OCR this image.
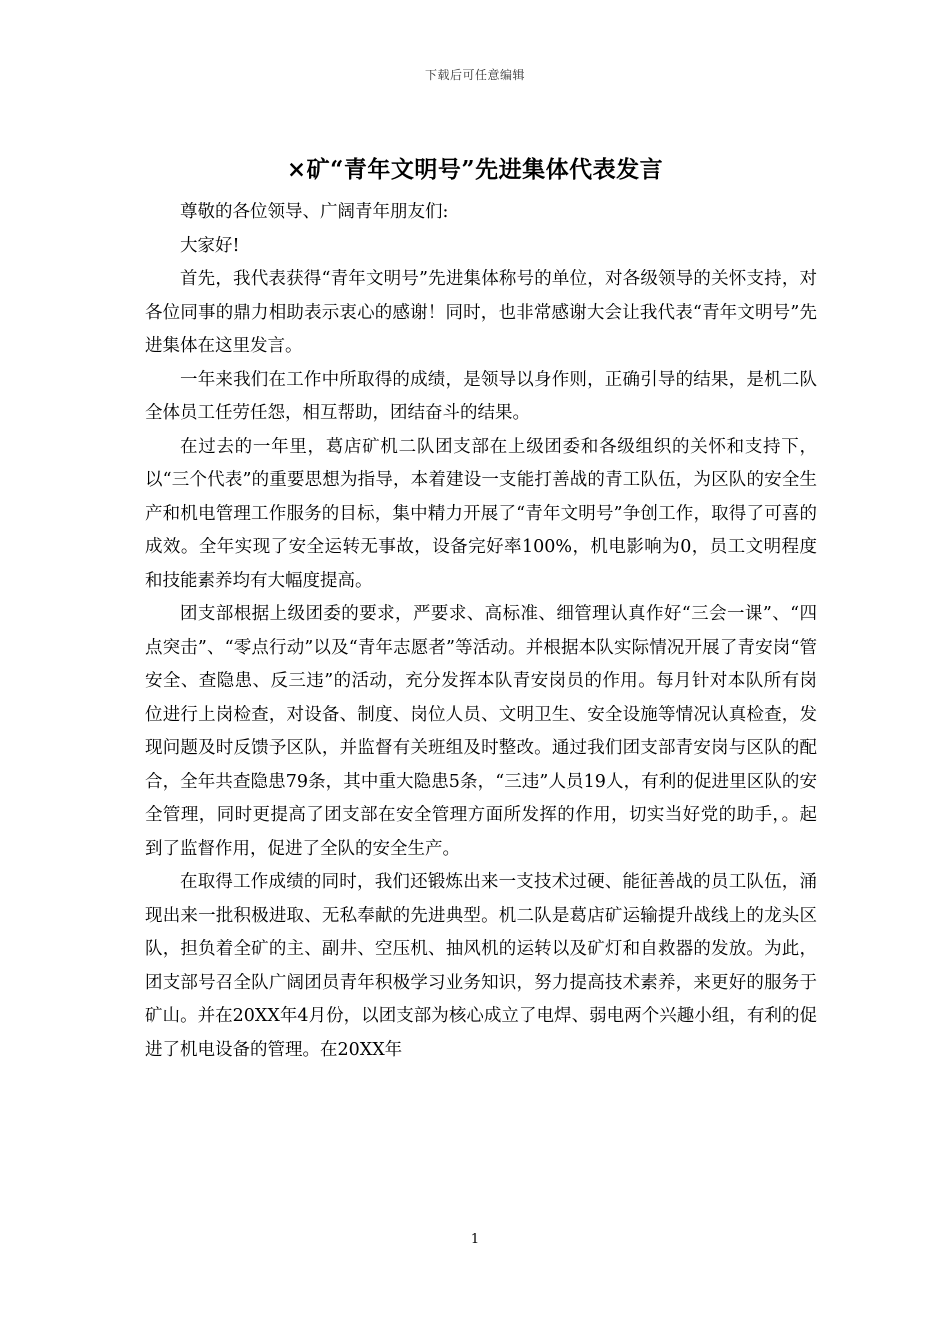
下载后可任意编辑
×矿“青年文明号”先进集体代表发言

尊敬的各位领导、广阔青年朋友们:

大家好!

首先，我代表获得“青年文明号”先进集体称号的单位，对各级领导的关怀支持，对各位同事的鼎力相助表示衷心的感谢！同时，也非常感谢大会让我代表“青年文明号”先进集体在这里发言。

一年来我们在工作中所取得的成绩，是领导以身作则，正确引导的结果，是机二队全体员工任劳任怨，相互帮助，团结奋斗的结果。

在过去的一年里，葛店矿机二队团支部在上级团委和各级组织的关怀和支持下，以“三个代表”的重要思想为指导，本着建设一支能打善战的青工队伍，为区队的安全生产和机电管理工作服务的目标，集中精力开展了“青年文明号”争创工作，取得了可喜的成效。全年实现了安全运转无事故，设备完好率100%，机电影响为0，员工文明程度和技能素养均有大幅度提高。

团支部根据上级团委的要求，严要求、高标准、细管理认真作好“三会一课”、“四点突击”、“零点行动”以及“青年志愿者”等活动。并根据本队实际情况开展了青安岗“管安全、查隐患、反三违”的活动，充分发挥本队青安岗员的作用。每月针对本队所有岗位进行上岗检查，对设备、制度、岗位人员、文明卫生、安全设施等情况认真检查，发现问题及时反馈予区队，并监督有关班组及时整改。通过我们团支部青安岗与区队的配合，全年共查隐患79条，其中重大隐患5条，“三违”人员19人，有利的促进里区队的安全管理，同时更提高了团支部在安全管理方面所发挥的作用，切实当好党的助手，。起到了监督作用，促进了全队的安全生产。

在取得工作成绩的同时，我们还锻炼出来一支技术过硬、能征善战的员工队伍，涌现出来一批积极进取、无私奉献的先进典型。机二队是葛店矿运输提升战线上的龙头区队，担负着全矿的主、副井、空压机、抽风机的运转以及矿灯和自救器的发放。为此，团支部号召全队广阔团员青年积极学习业务知识，努力提高技术素养，来更好的服务于矿山。并在20XX年4月份，以团支部为核心成立了电焊、弱电两个兴趣小组，有利的促进了机电设备的管理。在20XX年

1
